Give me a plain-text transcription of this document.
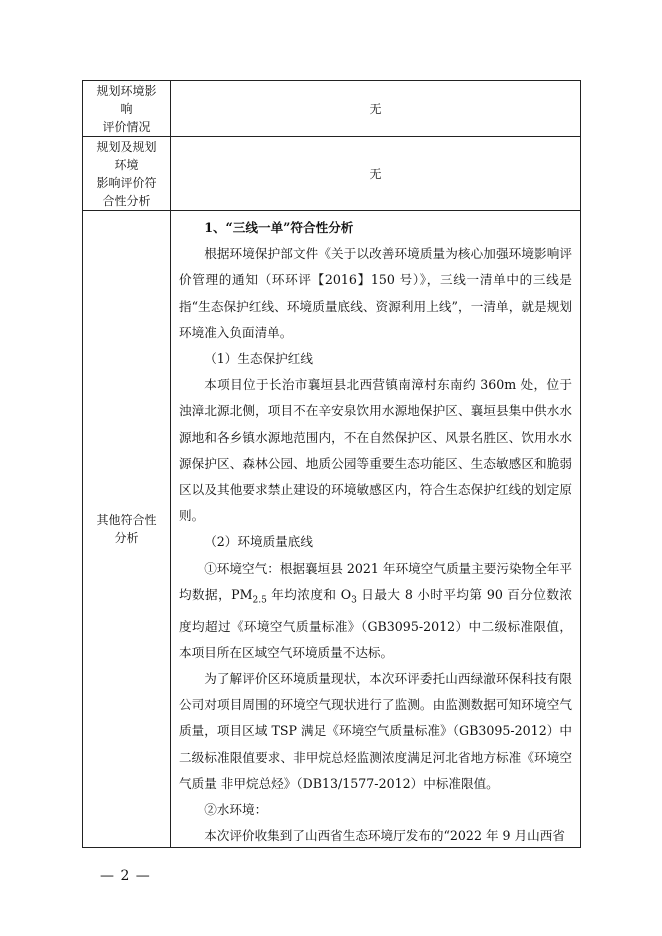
规划环境影
响
评价情况
无
规划及规划
环境
影响评价符
合性分析
无
其他符合性
分析

1、“三线一单”符合性分析

根据环境保护部文件《关于以改善环境质量为核心加强环境影响评价管理的通知（环环评【2016】150 号）》，三线一清单中的三线是指“生态保护红线、环境质量底线、资源利用上线”，一清单，就是规划环境准入负面清单。

（1）生态保护红线

本项目位于长治市襄垣县北西营镇南漳村东南约 360m 处，位于浊漳北源北侧，项目不在辛安泉饮用水源地保护区、襄垣县集中供水水源地和各乡镇水源地范围内，不在自然保护区、风景名胜区、饮用水水源保护区、森林公园、地质公园等重要生态功能区、生态敏感区和脆弱区以及其他要求禁止建设的环境敏感区内，符合生态保护红线的划定原则。

（2）环境质量底线

①环境空气：根据襄垣县 2021 年环境空气质量主要污染物全年平均数据，$PM_{2.5}$ 年均浓度和 $O_3$ 日最大 8 小时平均第 90 百分位数浓度均超过《环境空气质量标准》（GB3095-2012）中二级标准限值，本项目所在区域空气环境质量不达标。

为了解评价区环境质量现状，本次环评委托山西绿澈环保科技有限公司对项目周围的环境空气现状进行了监测。由监测数据可知环境空气质量，项目区域 TSP 满足《环境空气质量标准》（GB3095-2012）中二级标准限值要求、非甲烷总烃监测浓度满足河北省地方标准《环境空气质量 非甲烷总烃》（DB13/1577-2012）中标准限值。

②水环境：

本次评价收集到了山西省生态环境厅发布的“2022 年 9 月山西省

— 2 —
